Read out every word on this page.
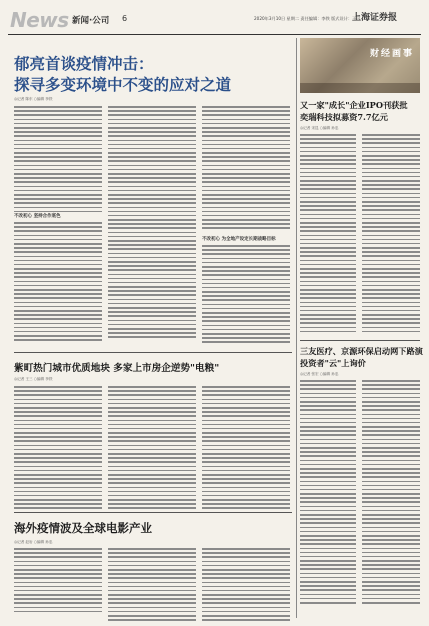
News 新闻·公司 6	2020年3月10日 星期二 责任编辑：李铁 版式设计：王可
上海证券报
郁亮首谈疫情冲击：
探寻多变环境中不变的应对之道
◎记者 陈东 ○编辑 李铁
不改初心 坚持合作底色
不改初心 为全地产设定长期战略目标
财经画事
又一家"成长"企业IPO刊获批
奕瑞科技拟募资7.7亿元
◎记者 宋昆 ○编辑 孙忠
紫町热门城市优质地块 多家上市房企逆势"电粮"
◎记者 王三 ○编辑 李铁
三友医疗、京源环保启动网下路演
投资者"云"上询价
◎记者 张宏 ○编辑 孙忠
海外疫情波及全球电影产业
◎记者 赵岩 ○编辑 孙忠
